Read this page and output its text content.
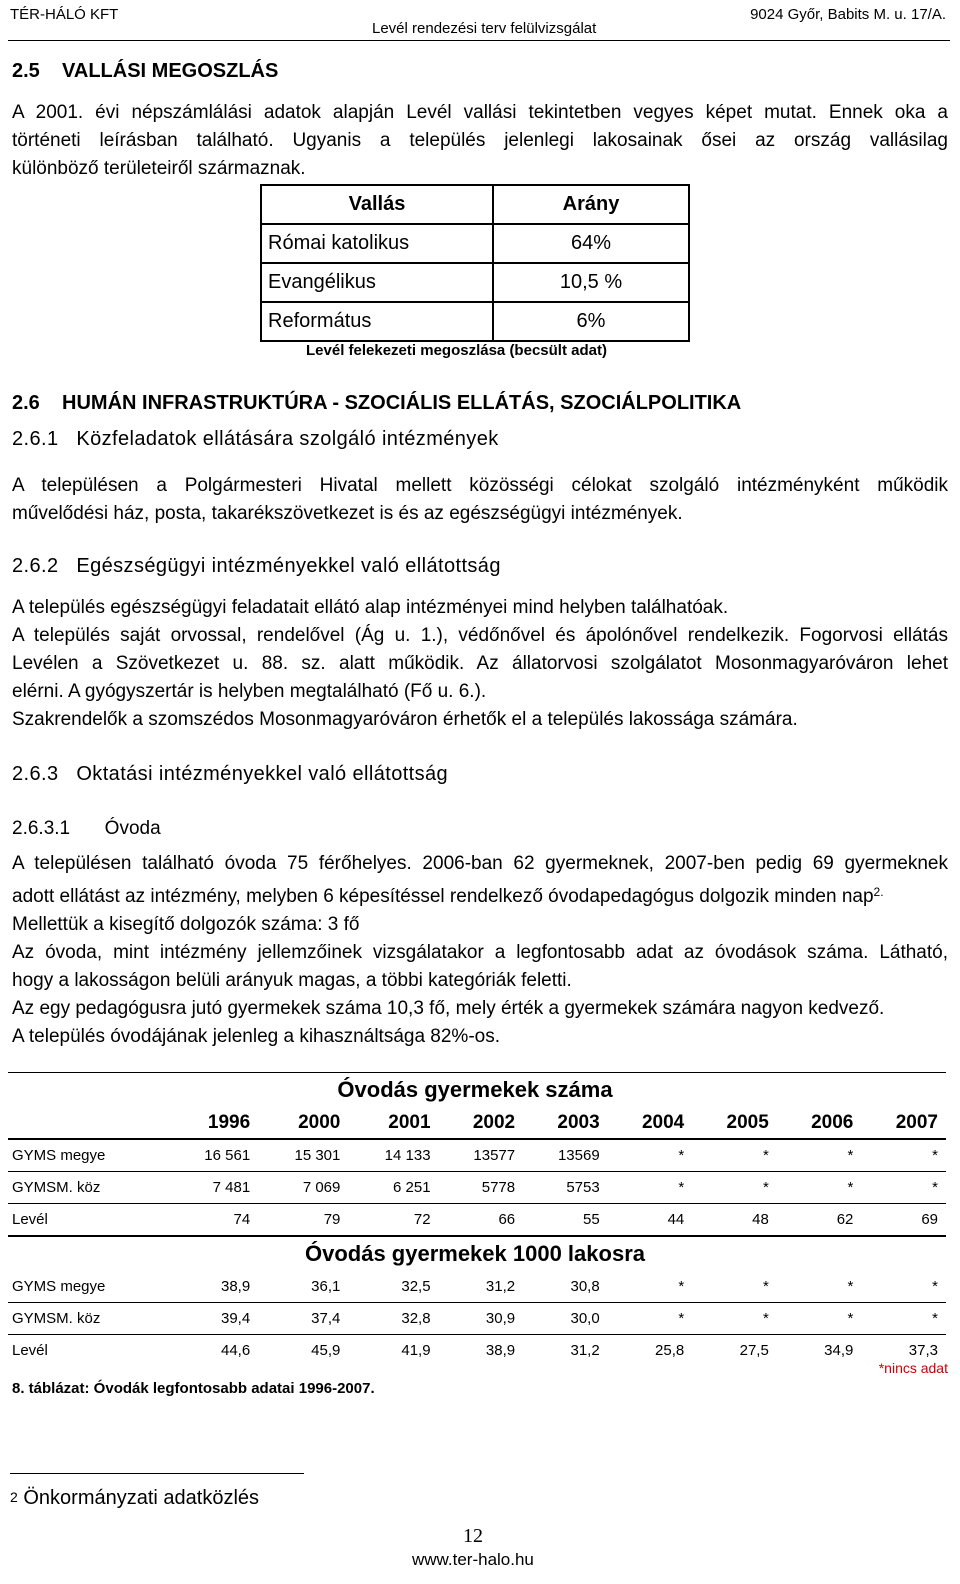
TÉR-HÁLÓ KFT
Levél rendezési terv felülvizsgálat
9024 Győr, Babits M. u. 17/A.
2.5    VALLÁSI MEGOSZLÁS
A 2001. évi népszámlálási adatok alapján Levél vallási tekintetben vegyes képet mutat. Ennek oka a
történeti leírásban található. Ugyanis a település jelenlegi lakosainak ősei az ország vallásilag
különböző területeiről származnak.
Vallás	Arány
Római katolikus	64%
Evangélikus	10,5 %
Református	6%
Levél felekezeti megoszlása (becsült adat)
2.6    HUMÁN INFRASTRUKTÚRA - SZOCIÁLIS ELLÁTÁS, SZOCIÁLPOLITIKA
2.6.1   Közfeladatok ellátására szolgáló intézmények
A településen a Polgármesteri Hivatal mellett közösségi célokat szolgáló intézményként működik
művelődési ház, posta, takarékszövetkezet is és az egészségügyi intézmények.
2.6.2   Egészségügyi intézményekkel való ellátottság
A település egészségügyi feladatait ellátó alap intézményei mind helyben találhatóak.
A település saját orvossal, rendelővel (Ág u. 1.), védőnővel és ápolónővel rendelkezik. Fogorvosi ellátás
Levélen a Szövetkezet u. 88. sz. alatt működik. Az állatorvosi szolgálatot Mosonmagyaróváron lehet
elérni. A gyógyszertár is helyben megtalálható (Fő u. 6.).
Szakrendelők a szomszédos Mosonmagyaróváron érhetők el a település lakossága számára.
2.6.3   Oktatási intézményekkel való ellátottság
2.6.3.1 Óvoda
A településen található óvoda 75 férőhelyes. 2006-ban 62 gyermeknek, 2007-ben pedig 69 gyermeknek
adott ellátást az intézmény, melyben 6 képesítéssel rendelkező óvodapedagógus dolgozik minden nap$^{2.}$
Mellettük a kisegítő dolgozók száma: 3 fő
Az óvoda, mint intézmény jellemzőinek vizsgálatakor a legfontosabb adat az óvodások száma. Látható,
hogy a lakosságon belüli arányuk magas, a többi kategóriák feletti.
Az egy pedagógusra jutó gyermekek száma 10,3 fő, mely érték a gyermekek számára nagyon kedvező.
A település óvodájának jelenleg a kihasználtsága 82%-os.
Óvodás gyermekek száma									
	1996	2000	2001	2002	2003	2004	2005	2006	2007
GYMS megye	16 561	15 301	14 133	13577	13569	*	*	*	*
GYMSM. köz	7 481	7 069	6 251	5778	5753	*	*	*	*
Levél	74	79	72	66	55	44	48	62	69
Óvodás gyermekek 1000 lakosra									
GYMS megye	38,9	36,1	32,5	31,2	30,8	*	*	*	*
GYMSM. köz	39,4	37,4	32,8	30,9	30,0	*	*	*	*
Levél	44,6	45,9	41,9	38,9	31,2	25,8	27,5	34,9	37,3
*nincs adat
8. táblázat: Óvodák legfontosabb adatai 1996-2007.
$^2$ Önkormányzati adatközlés
12
www.ter-halo.hu
